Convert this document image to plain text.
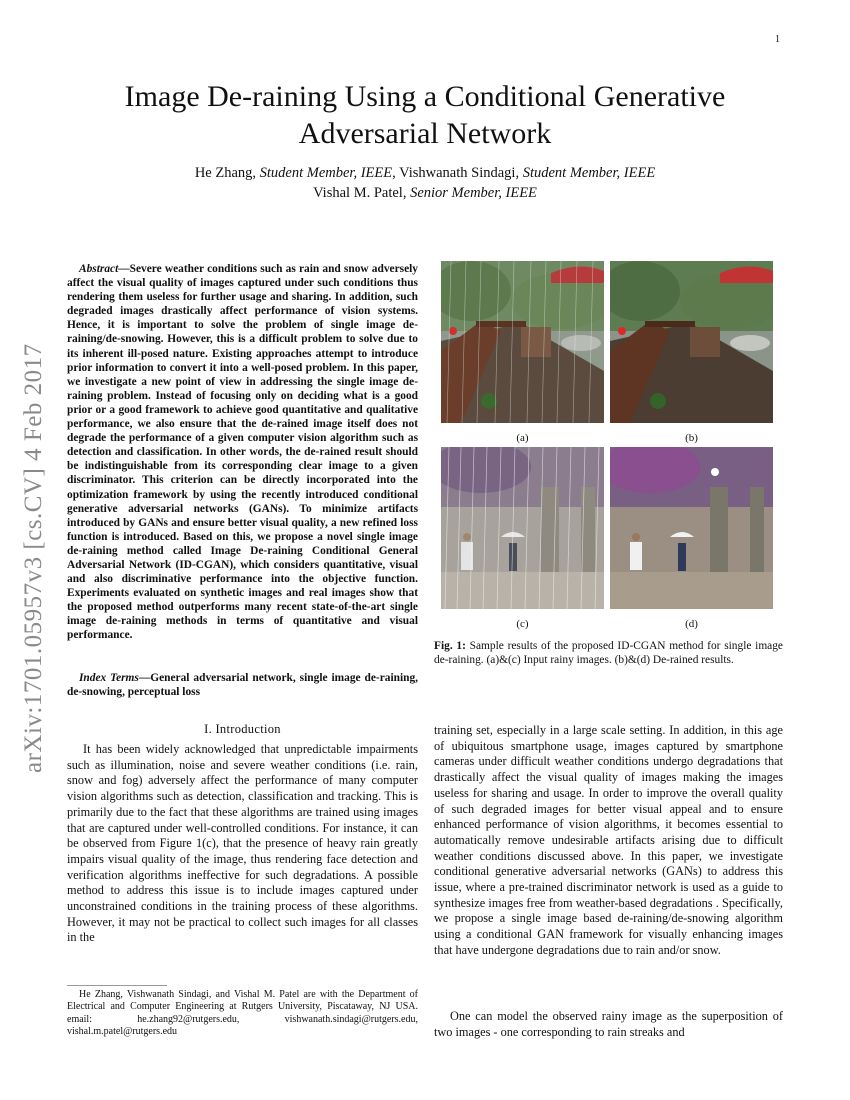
1
arXiv:1701.05957v3 [cs.CV] 4 Feb 2017
Image De-raining Using a Conditional Generative Adversarial Network
He Zhang, Student Member, IEEE, Vishwanath Sindagi, Student Member, IEEE
Vishal M. Patel, Senior Member, IEEE
Abstract—Severe weather conditions such as rain and snow adversely affect the visual quality of images captured under such conditions thus rendering them useless for further usage and sharing. In addition, such degraded images drastically affect performance of vision systems. Hence, it is important to solve the problem of single image de-raining/de-snowing. However, this is a difficult problem to solve due to its inherent ill-posed nature. Existing approaches attempt to introduce prior information to convert it into a well-posed problem. In this paper, we investigate a new point of view in addressing the single image de-raining problem. Instead of focusing only on deciding what is a good prior or a good framework to achieve good quantitative and qualitative performance, we also ensure that the de-rained image itself does not degrade the performance of a given computer vision algorithm such as detection and classification. In other words, the de-rained result should be indistinguishable from its corresponding clear image to a given discriminator. This criterion can be directly incorporated into the optimization framework by using the recently introduced conditional generative adversarial networks (GANs). To minimize artifacts introduced by GANs and ensure better visual quality, a new refined loss function is introduced. Based on this, we propose a novel single image de-raining method called Image De-raining Conditional General Adversarial Network (ID-CGAN), which considers quantitative, visual and also discriminative performance into the objective function. Experiments evaluated on synthetic images and real images show that the proposed method outperforms many recent state-of-the-art single image de-raining methods in terms of quantitative and visual performance.
Index Terms—General adversarial network, single image de-raining, de-snowing, perceptual loss
(a)	(b)
(c)	(d)
Fig. 1: Sample results of the proposed ID-CGAN method for single image de-raining. (a)&(c) Input rainy images. (b)&(d) De-rained results.
I. Introduction
It has been widely acknowledged that unpredictable impairments such as illumination, noise and severe weather conditions (i.e. rain, snow and fog) adversely affect the performance of many computer vision algorithms such as detection, classification and tracking. This is primarily due to the fact that these algorithms are trained using images that are captured under well-controlled conditions. For instance, it can be observed from Figure 1(c), that the presence of heavy rain greatly impairs visual quality of the image, thus rendering face detection and verification algorithms ineffective for such degradations. A possible method to address this issue is to include images captured under unconstrained conditions in the training process of these algorithms. However, it may not be practical to collect such images for all classes in the
He Zhang, Vishwanath Sindagi, and Vishal M. Patel are with the Department of Electrical and Computer Engineering at Rutgers University, Piscataway, NJ USA. email: he.zhang92@rutgers.edu, vishwanath.sindagi@rutgers.edu, vishal.m.patel@rutgers.edu
training set, especially in a large scale setting. In addition, in this age of ubiquitous smartphone usage, images captured by smartphone cameras under difficult weather conditions undergo degradations that drastically affect the visual quality of images making the images useless for sharing and usage. In order to improve the overall quality of such degraded images for better visual appeal and to ensure enhanced performance of vision algorithms, it becomes essential to automatically remove undesirable artifacts arising due to difficult weather conditions discussed above. In this paper, we investigate conditional generative adversarial networks (GANs) to address this issue, where a pre-trained discriminator network is used as a guide to synthesize images free from weather-based degradations . Specifically, we propose a single image based de-raining/de-snowing algorithm using a conditional GAN framework for visually enhancing images that have undergone degradations due to rain and/or snow.
One can model the observed rainy image as the superposition of two images - one corresponding to rain streaks and
